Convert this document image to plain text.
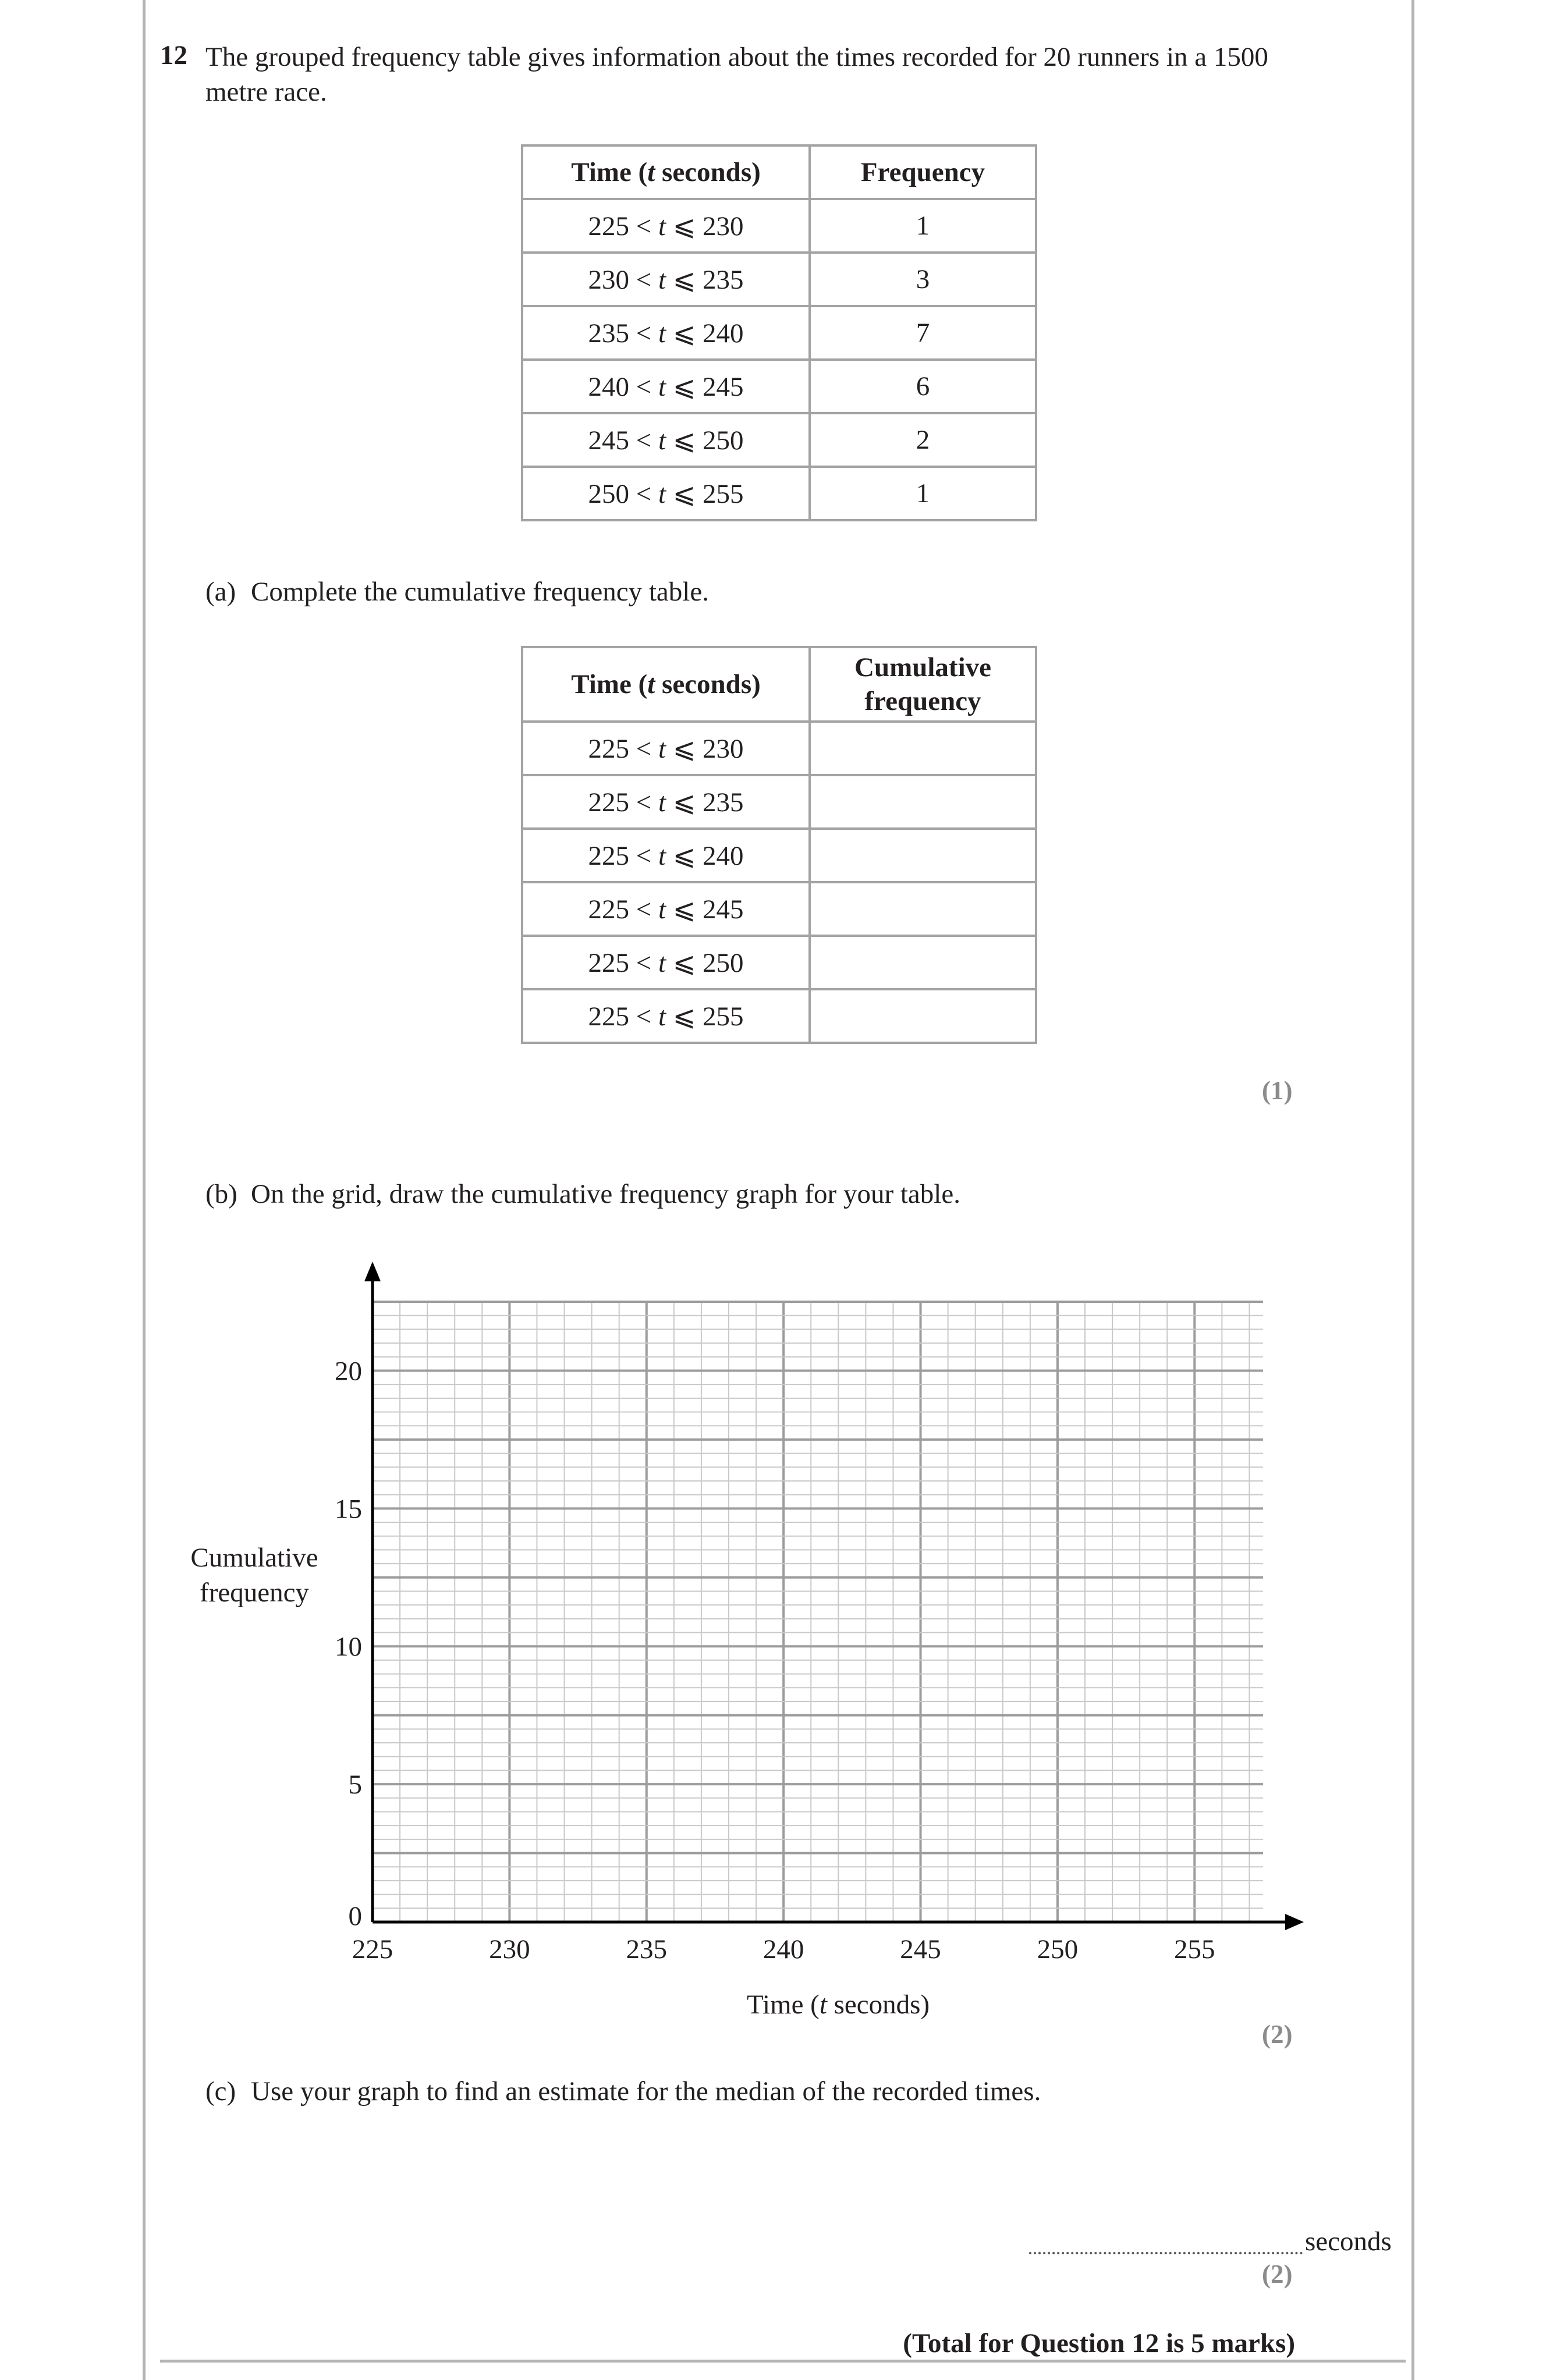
12 The grouped frequency table gives information about the times recorded for 20 runners in a 1500 metre race.
Time (t seconds)	Frequency
225 < t ⩽ 230	1
230 < t ⩽ 235	3
235 < t ⩽ 240	7
240 < t ⩽ 245	6
245 < t ⩽ 250	2
250 < t ⩽ 255	1
(a) Complete the cumulative frequency table.
Time (t seconds)	Cumulative
frequency
225 < t ⩽ 230	
225 < t ⩽ 235	
225 < t ⩽ 240	
225 < t ⩽ 245	
225 < t ⩽ 250	
225 < t ⩽ 255	
(1)
(b) On the grid, draw the cumulative frequency graph for your table.
225	230	235	240	245	250	255
0
5
10
15
20
Time (t seconds)
Cumulative
frequency
(2)
(c) Use your graph to find an estimate for the median of the recorded times.
seconds
(2)
(Total for Question 12 is 5 marks)
